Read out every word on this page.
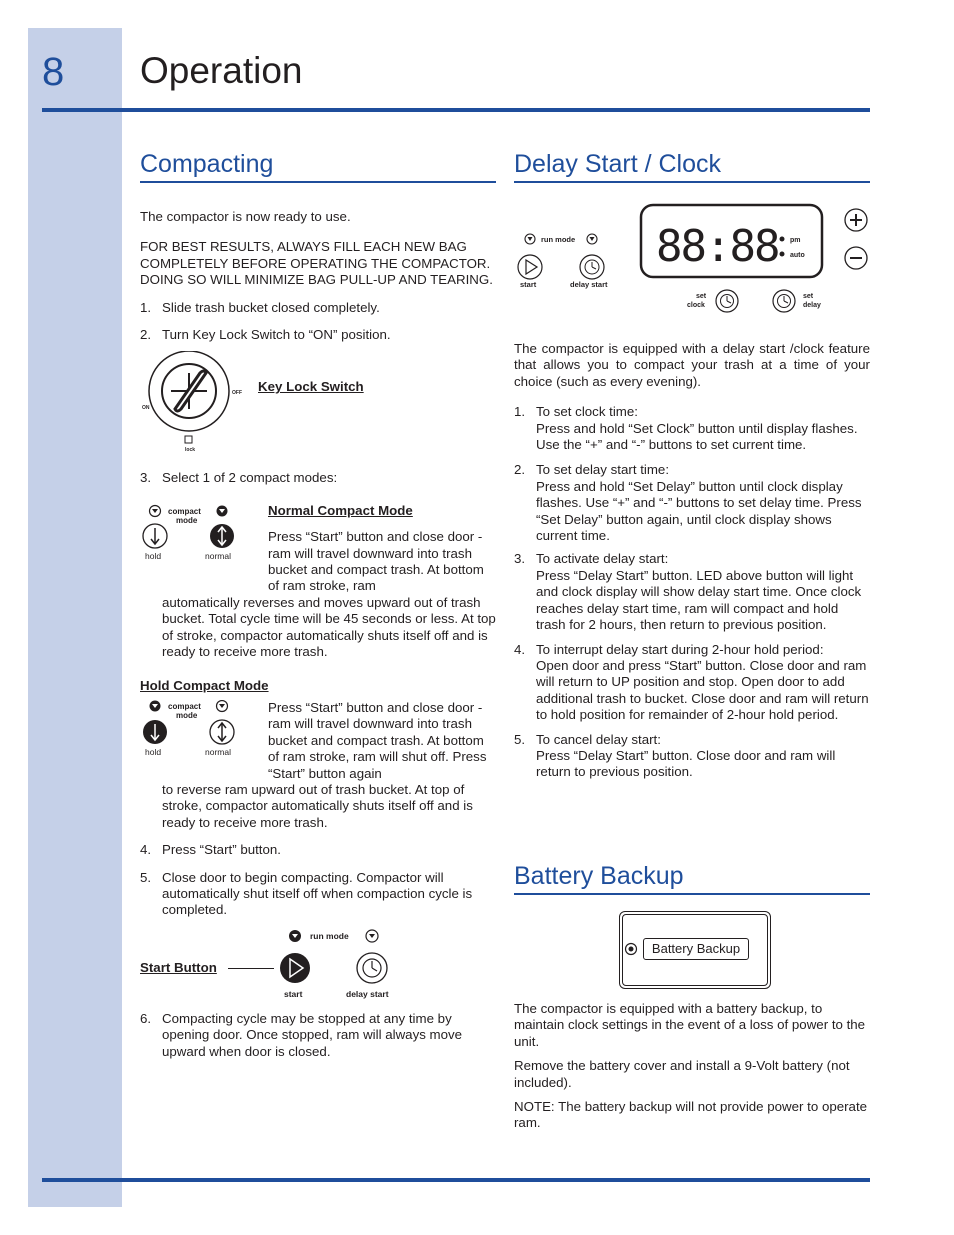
8 Operation
Compacting

The compactor is now ready to use.

FOR BEST RESULTS, ALWAYS FILL EACH NEW BAG COMPLETELY BEFORE OPERATING THE COMPACTOR. DOING SO WILL MINIMIZE BAG PULL-UP AND TEARING.

1. Slide trash bucket closed completely.
2. Turn Key Lock Switch to “ON” position.
ON
OFF
lock
Key Lock Switch
3. Select 1 of 2 compact modes:
compact
mode
hold	normal

Normal Compact Mode

Press “Start” button and close door - ram will travel downward into trash bucket and compact trash. At bottom of ram stroke, ram

automatically reverses and moves upward out of trash bucket. Total cycle time will be 45 seconds or less. At top of stroke, compactor automatically shuts itself off and is ready to receive more trash.

Hold Compact Mode

compact
mode
hold	normal

Press “Start” button and close door - ram will travel downward into trash bucket and compact trash. At bottom of ram stroke, ram will shut off. Press “Start” button again

to reverse ram upward out of trash bucket. At top of stroke, compactor automatically shuts itself off and is ready to receive more trash.

4. Press “Start” button.
5. Close door to begin compacting. Compactor will automatically shut itself off when compaction cycle is completed.
Start Button
run mode
start	delay start
6. Compacting cycle may be stopped at any time by opening door. Once stopped, ram will always move upward when door is closed.
Delay Start / Clock
run mode
start	delay start
88:88 pm
auto
set
clock
set
delay

The compactor is equipped with a delay start /clock feature that allows you to compact your trash at a time of your choice (such as every evening).

1. To set clock time:
Press and hold “Set Clock” button until display flashes. Use the “+” and “-” buttons to set current time.
2. To set delay start time:
Press and hold “Set Delay” button until clock display flashes. Use “+” and “-” buttons to set delay time. Press “Set Delay” button again, until clock display shows current time.
3. To activate delay start:
Press “Delay Start” button. LED above button will light and clock display will show delay start time. Once clock reaches delay start time, ram will compact and hold trash for 2 hours, then return to previous position.
4. To interrupt delay start during 2-hour hold period:
Open door and press “Start” button. Close door and ram will return to UP position and stop. Open door to add additional trash to bucket. Close door and ram will return to hold position for remainder of 2-hour hold period.
5. To cancel delay start:
Press “Delay Start” button. Close door and ram will return to previous position.
Battery Backup
Battery Backup

The compactor is equipped with a battery backup, to maintain clock settings in the event of a loss of power to the unit.

Remove the battery cover and install a 9-Volt battery (not included).

NOTE: The battery backup will not provide power to operate ram.
